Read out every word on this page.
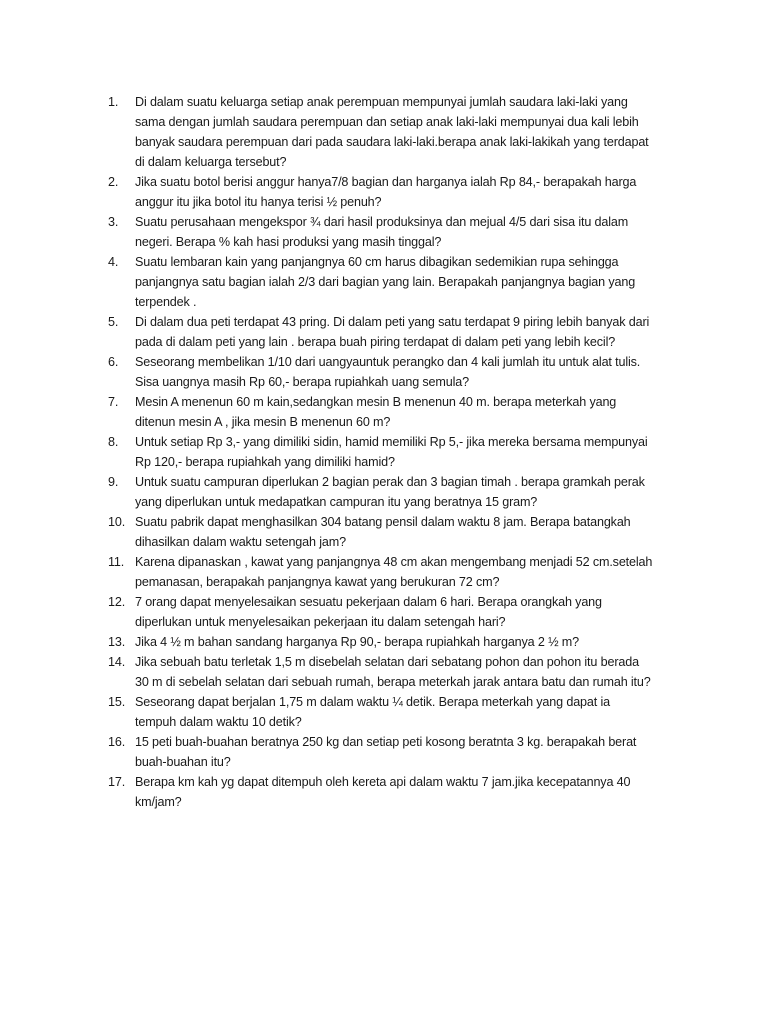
1.	Di dalam suatu keluarga setiap anak perempuan mempunyai jumlah saudara laki-laki yang sama dengan jumlah saudara perempuan dan setiap anak laki-laki mempunyai dua kali lebih banyak saudara perempuan dari pada saudara laki-laki.berapa anak laki-lakikah yang terdapat di dalam keluarga tersebut?
2.	Jika suatu botol berisi anggur hanya7/8 bagian dan harganya ialah Rp 84,- berapakah harga anggur itu jika botol itu hanya terisi ½ penuh?
3.	Suatu perusahaan mengekspor ¾ dari hasil produksinya dan mejual 4/5 dari sisa itu dalam negeri. Berapa % kah hasi produksi yang masih tinggal?
4.	Suatu lembaran kain yang panjangnya 60 cm harus dibagikan sedemikian rupa sehingga panjangnya satu bagian ialah 2/3 dari bagian yang lain. Berapakah panjangnya bagian yang terpendek .
5.	Di dalam dua peti terdapat 43 pring. Di dalam peti yang satu terdapat 9 piring lebih banyak dari pada di dalam peti yang lain . berapa buah piring terdapat di dalam peti yang lebih kecil?
6.	Seseorang membelikan 1/10 dari uangyauntuk perangko dan 4 kali jumlah itu untuk alat tulis. Sisa uangnya masih Rp 60,- berapa rupiahkah uang semula?
7.	Mesin A menenun 60 m kain,sedangkan mesin B menenun 40 m. berapa meterkah yang ditenun mesin A , jika mesin B menenun 60 m?
8.	Untuk setiap Rp 3,- yang dimiliki sidin, hamid memiliki Rp 5,- jika mereka bersama mempunyai Rp 120,- berapa rupiahkah yang dimiliki hamid?
9.	Untuk suatu campuran diperlukan 2 bagian perak dan 3 bagian timah . berapa gramkah perak yang diperlukan untuk medapatkan campuran itu yang beratnya 15 gram?
10. Suatu pabrik dapat menghasilkan 304 batang pensil dalam waktu 8 jam. Berapa batangkah dihasilkan dalam waktu setengah jam?
11. Karena dipanaskan , kawat yang panjangnya 48 cm akan mengembang menjadi 52 cm.setelah pemanasan, berapakah panjangnya kawat yang berukuran 72 cm?
12. 7 orang dapat menyelesaikan sesuatu pekerjaan dalam 6 hari. Berapa orangkah yang diperlukan untuk menyelesaikan pekerjaan itu dalam setengah hari?
13. Jika 4 ½ m bahan sandang harganya Rp 90,- berapa rupiahkah harganya 2 ½ m?
14. Jika sebuah batu terletak 1,5 m disebelah selatan dari sebatang pohon dan pohon itu berada 30 m di sebelah selatan dari sebuah rumah, berapa meterkah jarak antara batu dan rumah itu?
15. Seseorang dapat berjalan 1,75 m dalam waktu ¼ detik. Berapa meterkah yang dapat ia tempuh dalam waktu 10 detik?
16. 15 peti buah-buahan beratnya 250 kg dan setiap peti kosong beratnta 3 kg. berapakah berat buah-buahan itu?
17. Berapa km kah yg dapat ditempuh oleh kereta api dalam waktu 7 jam.jika kecepatannya 40 km/jam?
